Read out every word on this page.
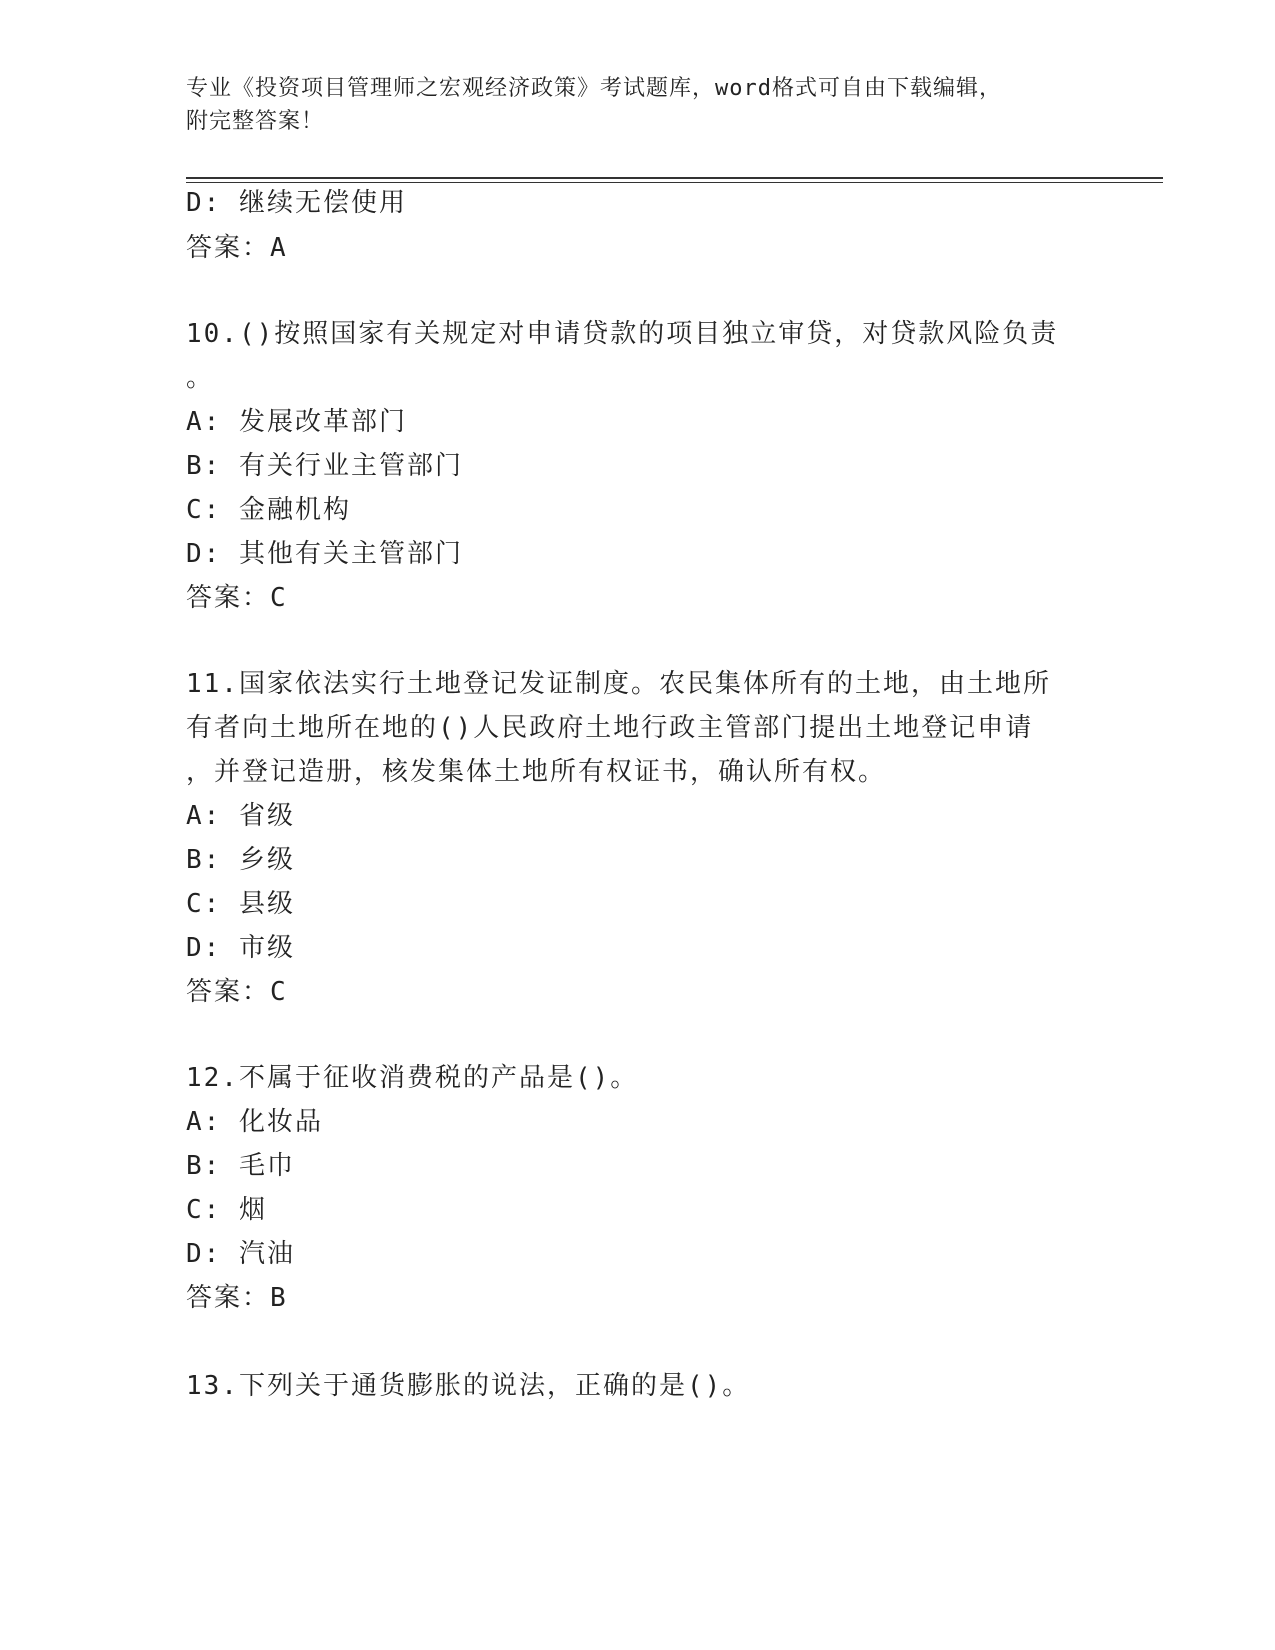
专业《投资项目管理师之宏观经济政策》考试题库，word格式可自由下载编辑，
附完整答案！
D: 继续无偿使用
答案：A
10.()按照国家有关规定对申请贷款的项目独立审贷，对贷款风险负责
。
A: 发展改革部门
B: 有关行业主管部门
C: 金融机构
D: 其他有关主管部门
答案：C
11.国家依法实行土地登记发证制度。农民集体所有的土地，由土地所
有者向土地所在地的()人民政府土地行政主管部门提出土地登记申请
，并登记造册，核发集体土地所有权证书，确认所有权。
A: 省级
B: 乡级
C: 县级
D: 市级
答案：C
12.不属于征收消费税的产品是()。
A: 化妆品
B: 毛巾
C: 烟
D: 汽油
答案：B
13.下列关于通货膨胀的说法，正确的是()。
